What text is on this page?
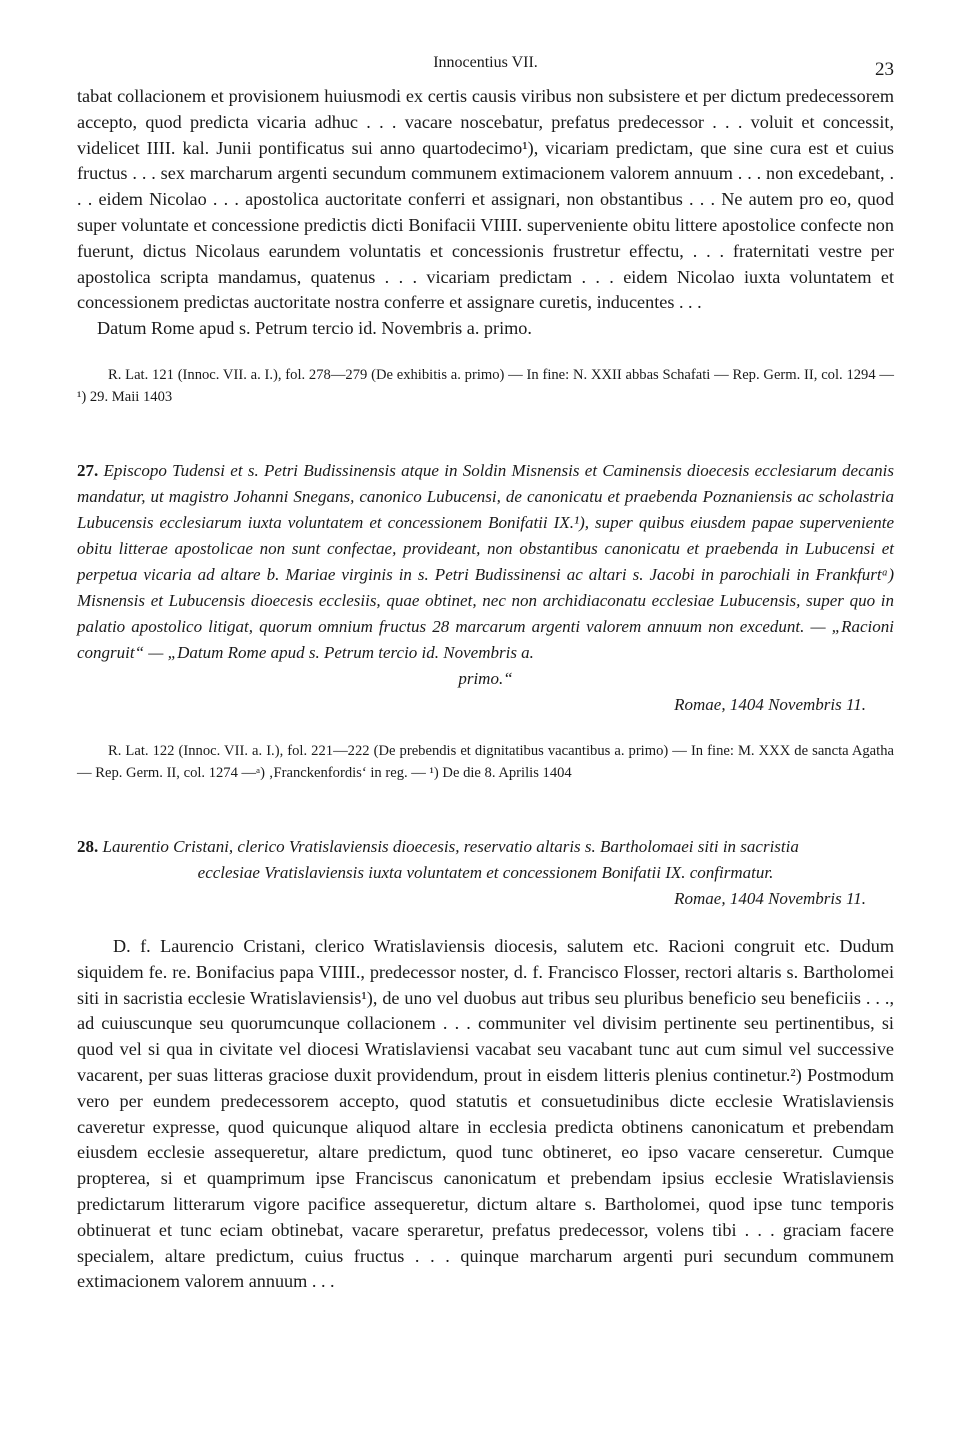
Innocentius VII.	23

tabat collacionem et provisionem huiusmodi ex certis causis viribus non subsistere et per dictum predecessorem accepto, quod predicta vicaria adhuc . . . vacare noscebatur, prefatus predecessor . . . voluit et concessit, videlicet IIII. kal. Junii pontificatus sui anno quartodecimo¹), vicariam predictam, que sine cura est et cuius fructus . . . sex marcharum argenti secundum communem extimacionem valorem annuum . . . non excedebant, . . . eidem Nicolao . . . apostolica auctoritate conferri et assignari, non obstantibus . . . Ne autem pro eo, quod super voluntate et concessione predictis dicti Bonifacii VIIII. superveniente obitu littere apostolice confecte non fuerunt, dictus Nicolaus earundem voluntatis et concessionis frustretur effectu, . . . fraternitati vestre per apostolica scripta mandamus, quatenus . . . vicariam predictam . . . eidem Nicolao iuxta voluntatem et concessionem predictas auctoritate nostra conferre et assignare curetis, inducentes . . .

Datum Rome apud s. Petrum tercio id. Novembris a. primo.

R. Lat. 121 (Innoc. VII. a. I.), fol. 278—279 (De exhibitis a. primo) — In fine: N. XXII abbas Schafati — Rep. Germ. II, col. 1294 — ¹) 29. Maii 1403

27. Episcopo Tudensi et s. Petri Budissinensis atque in Soldin Misnensis et Caminensis dioecesis ecclesiarum decanis mandatur, ut magistro Johanni Snegans, canonico Lubucensi, de canonicatu et praebenda Poznaniensis ac scholastria Lubucensis ecclesiarum iuxta voluntatem et concessionem Bonifatii IX.¹), super quibus eiusdem papae superveniente obitu litterae apostolicae non sunt confectae, provideant, non obstantibus canonicatu et praebenda in Lubucensi et perpetua vicaria ad altare b. Mariae virginis in s. Petri Budissinensi ac altari s. Jacobi in parochiali in Frankfurtᵃ) Misnensis et Lubucensis dioecesis ecclesiis, quae obtinet, nec non archidiaconatu ecclesiae Lubucensis, super quo in palatio apostolico litigat, quorum omnium fructus 28 marcarum argenti valorem annuum non excedunt. — „Racioni congruit“ — „Datum Rome apud s. Petrum tercio id. Novembris a.

primo.“

Romae, 1404 Novembris 11.

R. Lat. 122 (Innoc. VII. a. I.), fol. 221—222 (De prebendis et dignitatibus vacantibus a. primo) — In fine: M. XXX de sancta Agatha — Rep. Germ. II, col. 1274 —ᵃ) ‚Franckenfordis‘ in reg. — ¹) De die 8. Aprilis 1404

28. Laurentio Cristani, clerico Vratislaviensis dioecesis, reservatio altaris s. Bartholomaei siti in sacristia

ecclesiae Vratislaviensis iuxta voluntatem et concessionem Bonifatii IX. confirmatur.

Romae, 1404 Novembris 11.

D. f. Laurencio Cristani, clerico Wratislaviensis diocesis, salutem etc. Racioni congruit etc. Dudum siquidem fe. re. Bonifacius papa VIIII., predecessor noster, d. f. Francisco Flosser, rectori altaris s. Bartholomei siti in sacristia ecclesie Wratislaviensis¹), de uno vel duobus aut tribus seu pluribus beneficio seu beneficiis . . ., ad cuiuscunque seu quorumcunque collacionem . . . communiter vel divisim pertinente seu pertinentibus, si quod vel si qua in civitate vel diocesi Wratislaviensi vacabat seu vacabant tunc aut cum simul vel successive vacarent, per suas litteras graciose duxit providendum, prout in eisdem litteris plenius continetur.²) Postmodum vero per eundem predecessorem accepto, quod statutis et consuetudinibus dicte ecclesie Wratislaviensis caveretur expresse, quod quicunque aliquod altare in ecclesia predicta obtinens canonicatum et prebendam eiusdem ecclesie assequeretur, altare predictum, quod tunc obtineret, eo ipso vacare censeretur. Cumque propterea, si et quamprimum ipse Franciscus canonicatum et prebendam ipsius ecclesie Wratislaviensis predictarum litterarum vigore pacifice assequeretur, dictum altare s. Bartholomei, quod ipse tunc temporis obtinuerat et tunc eciam obtinebat, vacare speraretur, prefatus predecessor, volens tibi . . . graciam facere specialem, altare predictum, cuius fructus . . . quinque marcharum argenti puri secundum communem extimacionem valorem annuum . . .
